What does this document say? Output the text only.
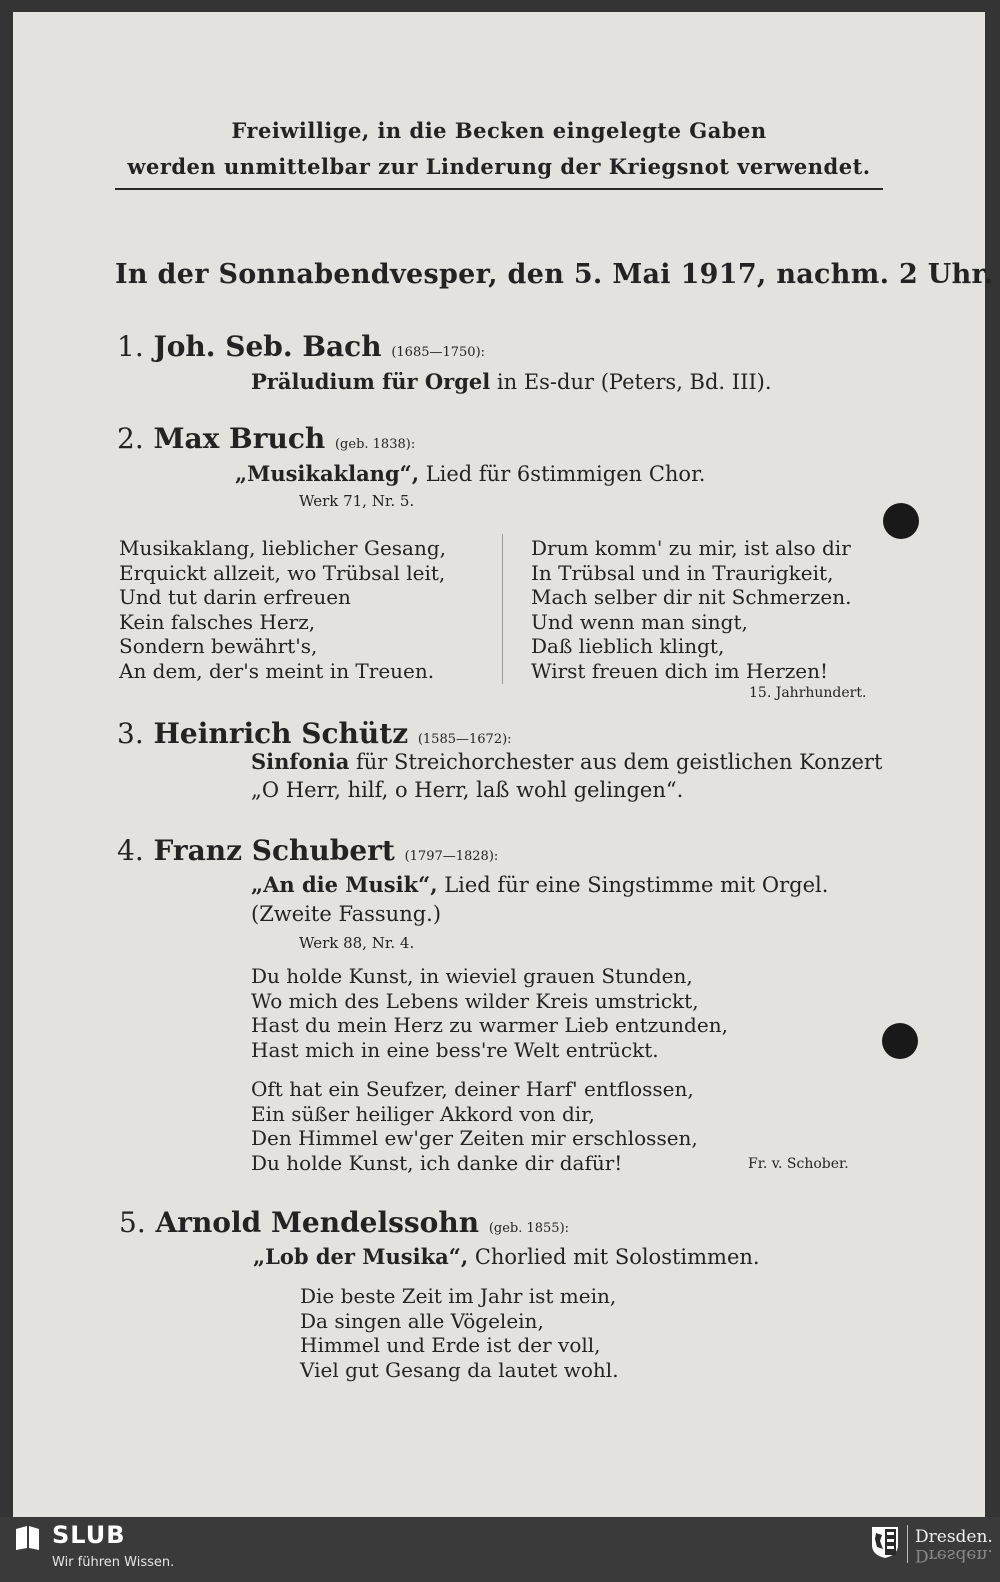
Freiwillige, in die Becken eingelegte Gaben
werden unmittelbar zur Linderung der Kriegsnot verwendet.
In der Sonnabendvesper, den 5. Mai 1917, nachm. 2 Uhr.
1. Joh. Seb. Bach (1685—1750):
Präludium für Orgel in Es-dur (Peters, Bd. III).
2. Max Bruch (geb. 1838):
„Musikaklang“, Lied für 6stimmigen Chor.
Werk 71, Nr. 5.
Musikaklang, lieblicher Gesang,
Erquickt allzeit, wo Trübsal leit,
Und tut darin erfreuen
Kein falsches Herz,
Sondern bewährt's,
An dem, der's meint in Treuen.
Drum komm' zu mir, ist also dir
In Trübsal und in Traurigkeit,
Mach selber dir nit Schmerzen.
Und wenn man singt,
Daß lieblich klingt,
Wirst freuen dich im Herzen!
15. Jahrhundert.
3. Heinrich Schütz (1585—1672):
Sinfonia für Streichorchester aus dem geistlichen Konzert
„O Herr, hilf, o Herr, laß wohl gelingen“.
4. Franz Schubert (1797—1828):
„An die Musik“, Lied für eine Singstimme mit Orgel.
(Zweite Fassung.)
Werk 88, Nr. 4.
Du holde Kunst, in wieviel grauen Stunden,
Wo mich des Lebens wilder Kreis umstrickt,
Hast du mein Herz zu warmer Lieb entzunden,
Hast mich in eine bess're Welt entrückt.
Oft hat ein Seufzer, deiner Harf' entflossen,
Ein süßer heiliger Akkord von dir,
Den Himmel ew'ger Zeiten mir erschlossen,
Du holde Kunst, ich danke dir dafür!	Fr. v. Schober.
5. Arnold Mendelssohn (geb. 1855):
„Lob der Musika“, Chorlied mit Solostimmen.
Die beste Zeit im Jahr ist mein,
Da singen alle Vögelein,
Himmel und Erde ist der voll,
Viel gut Gesang da lautet wohl.
SLUB
Wir führen Wissen.
Dresden.
Dresden.
